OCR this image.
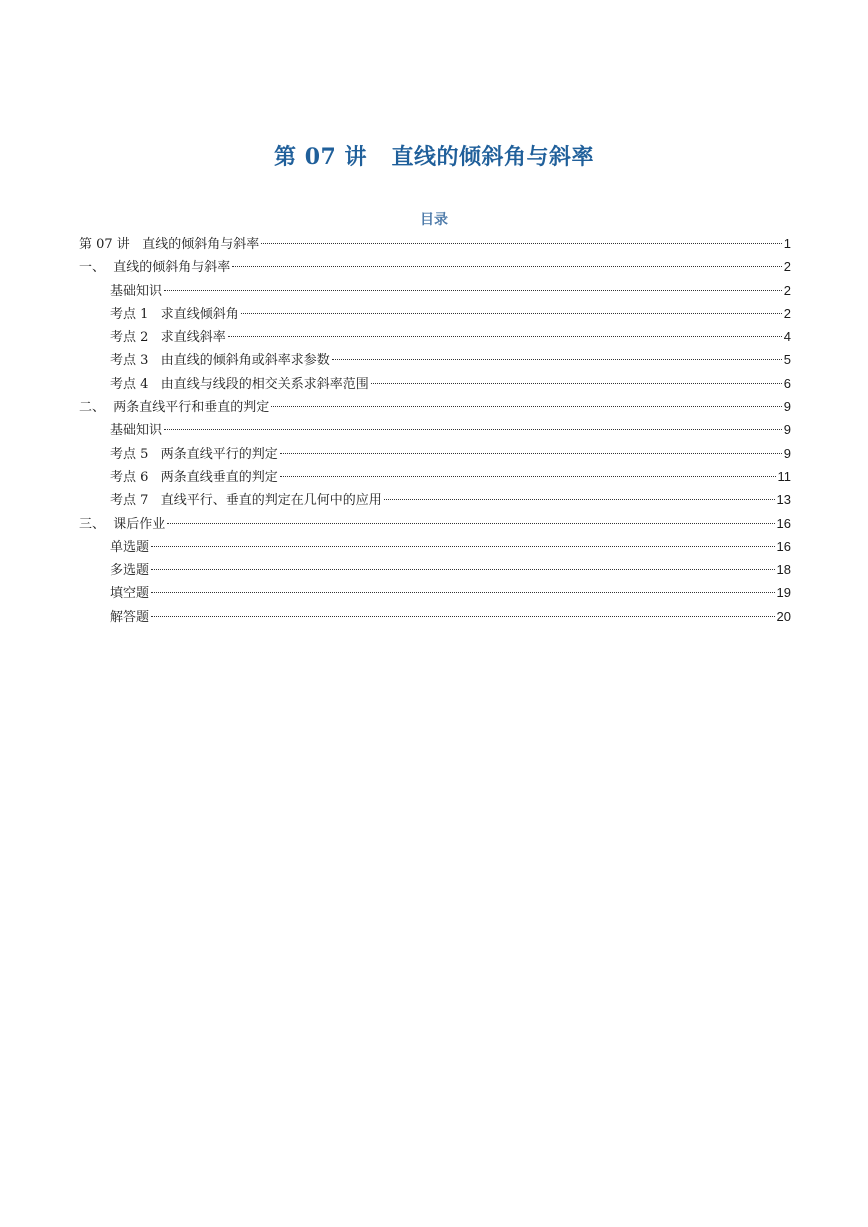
第 07 讲   直线的倾斜角与斜率
目录
第 07 讲   直线的倾斜角与斜率	1
一、  直线的倾斜角与斜率	2
基础知识	2
考点 1   求直线倾斜角	2
考点 2   求直线斜率	4
考点 3   由直线的倾斜角或斜率求参数	5
考点 4   由直线与线段的相交关系求斜率范围	6
二、  两条直线平行和垂直的判定	9
基础知识	9
考点 5   两条直线平行的判定	9
考点 6   两条直线垂直的判定	11
考点 7   直线平行、垂直的判定在几何中的应用	13
三、  课后作业	16
单选题	16
多选题	18
填空题	19
解答题	20
